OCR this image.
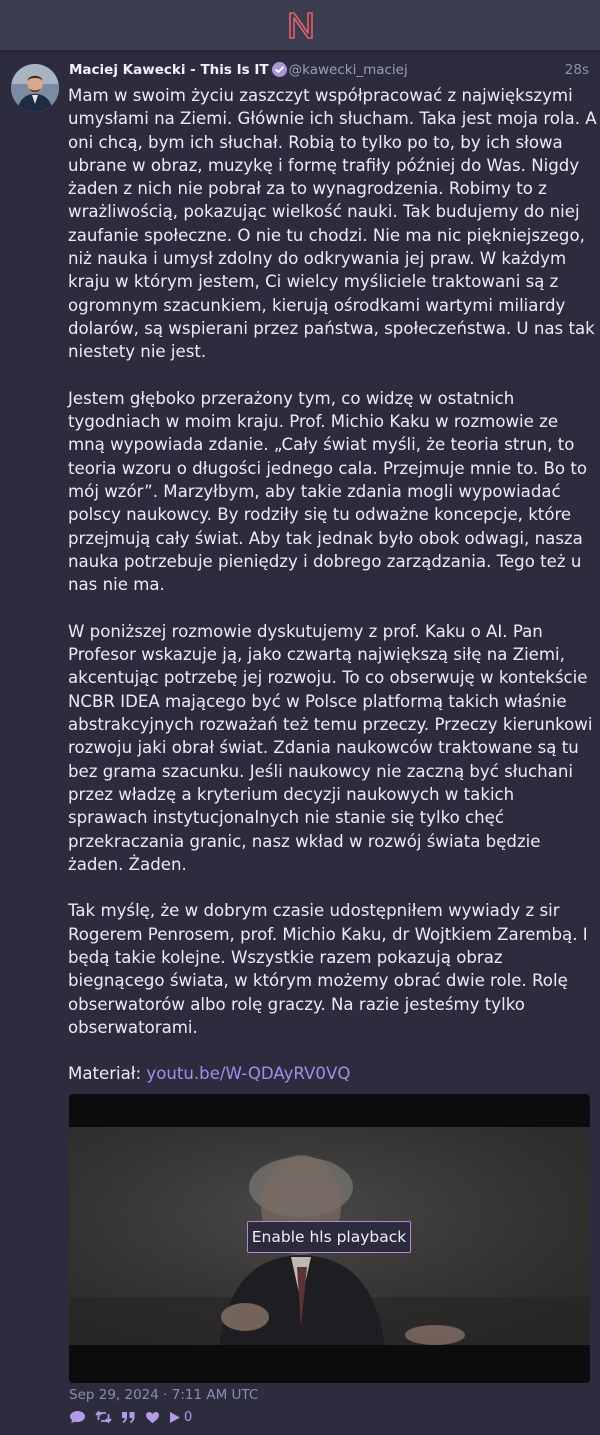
Maciej Kawecki - This Is IT @kawecki_maciej	28s

Mam w swoim życiu zaszczyt współpracować z największymi umysłami na Ziemi. Głównie ich słucham. Taka jest moja rola. A oni chcą, bym ich słuchał. Robią to tylko po to, by ich słowa ubrane w obraz, muzykę i formę trafiły później do Was. Nigdy żaden z nich nie pobrał za to wynagrodzenia. Robimy to z wrażliwością, pokazując wielkość nauki. Tak budujemy do niej zaufanie społeczne. O nie tu chodzi. Nie ma nic piękniejszego, niż nauka i umysł zdolny do odkrywania jej praw. W każdym kraju w którym jestem, Ci wielcy myśliciele traktowani są z ogromnym szacunkiem, kierują ośrodkami wartymi miliardy dolarów, są wspierani przez państwa, społeczeństwa. U nas tak niestety nie jest.

Jestem głęboko przerażony tym, co widzę w ostatnich tygodniach w moim kraju. Prof. Michio Kaku w rozmowie ze mną wypowiada zdanie. „Cały świat myśli, że teoria strun, to teoria wzoru o długości jednego cala. Przejmuje mnie to. Bo to mój wzór”. Marzyłbym, aby takie zdania mogli wypowiadać polscy naukowcy. By rodziły się tu odważne koncepcje, które przejmują cały świat. Aby tak jednak było obok odwagi, nasza nauka potrzebuje pieniędzy i dobrego zarządzania. Tego też u nas nie ma.

W poniższej rozmowie dyskutujemy z prof. Kaku o AI. Pan Profesor wskazuje ją, jako czwartą największą siłę na Ziemi, akcentując potrzebę jej rozwoju. To co obserwuję w kontekście NCBR IDEA mającego być w Polsce platformą takich właśnie abstrakcyjnych rozważań też temu przeczy. Przeczy kierunkowi rozwoju jaki obrał świat. Zdania naukowców traktowane są tu bez grama szacunku. Jeśli naukowcy nie zaczną być słuchani przez władzę a kryterium decyzji naukowych w takich sprawach instytucjonalnych nie stanie się tylko chęć przekraczania granic, nasz wkład w rozwój świata będzie żaden. Żaden.

Tak myślę, że w dobrym czasie udostępniłem wywiady z sir Rogerem Penrosem, prof. Michio Kaku, dr Wojtkiem Zarembą. I będą takie kolejne. Wszystkie razem pokazują obraz biegnącego świata, w którym możemy obrać dwie role. Rolę obserwatorów albo rolę graczy. Na razie jesteśmy tylko obserwatorami.

Materiał: youtu.be/W-QDAyRV0VQ

Enable hls playback
Sep 29, 2024 · 7:11 AM UTC
0
